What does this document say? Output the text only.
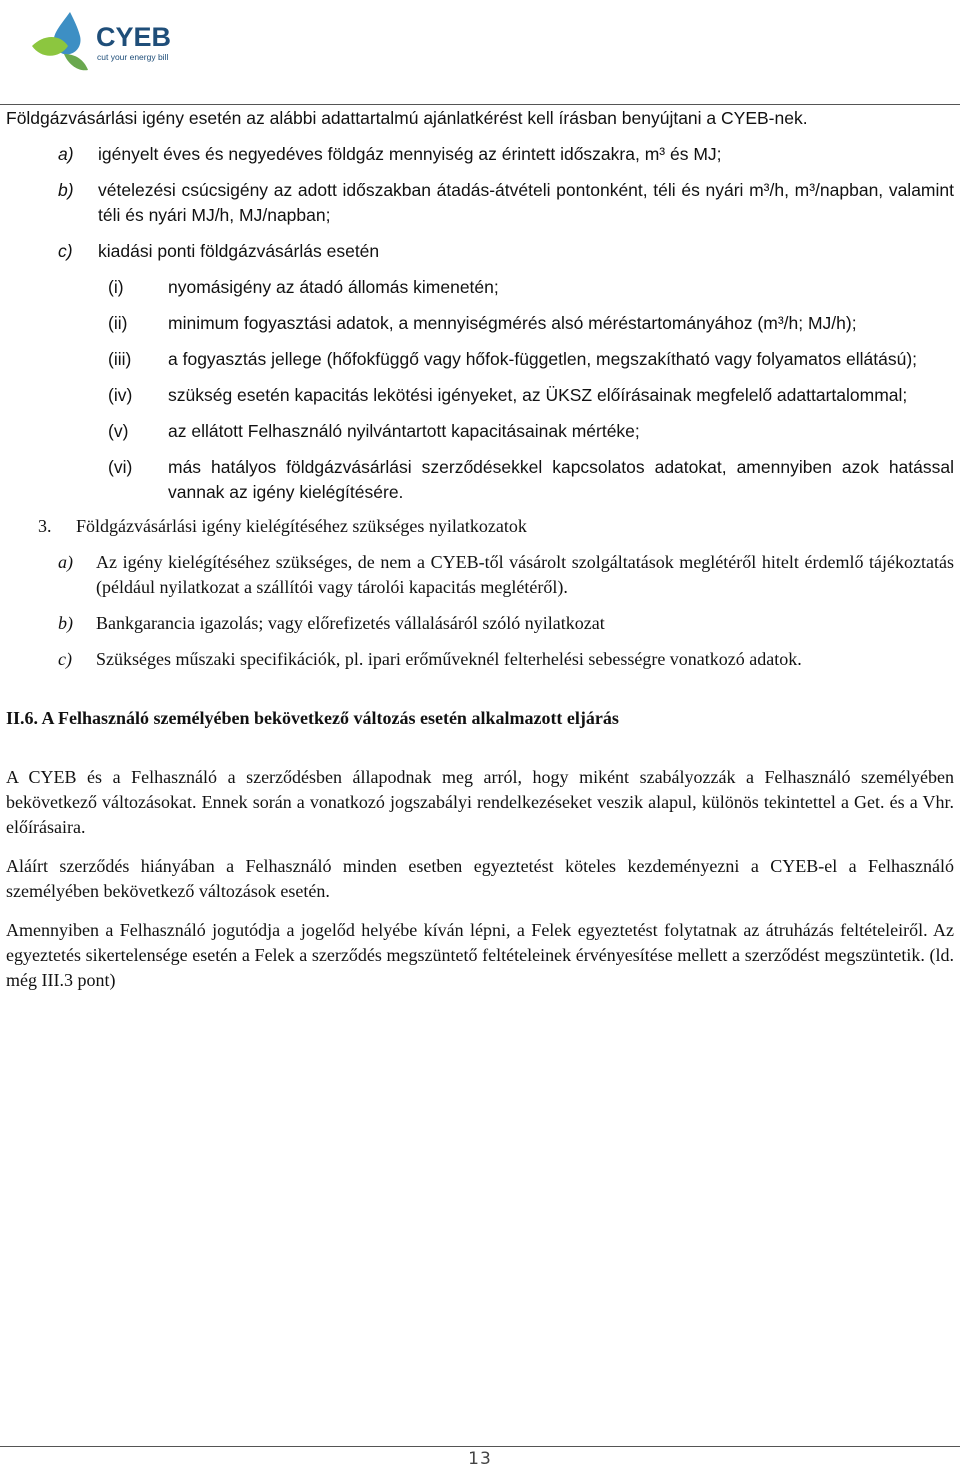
CYEB
cut your energy bill

Földgázvásárlási igény esetén az alábbi adattartalmú ajánlatkérést kell írásban benyújtani a CYEB-nek.

a)	igényelt éves és negyedéves földgáz mennyiség az érintett időszakra, m³ és MJ;
b)	vételezési csúcsigény az adott időszakban átadás-átvételi pontonként, téli és nyári m³/h, m³/napban, valamint téli és nyári MJ/h, MJ/napban;
c)	kiadási ponti földgázvásárlás esetén
(i)	nyomásigény az átadó állomás kimenetén;
(ii)	minimum fogyasztási adatok, a mennyiségmérés alsó méréstartományához (m³/h; MJ/h);
(iii)	a fogyasztás jellege (hőfokfüggő vagy hőfok-független, megszakítható vagy folyamatos ellátású);
(iv)	szükség esetén kapacitás lekötési igényeket, az ÜKSZ előírásainak megfelelő adattartalommal;
(v)	az ellátott Felhasználó nyilvántartott kapacitásainak mértéke;
(vi)	más hatályos földgázvásárlási szerződésekkel kapcsolatos adatokat, amennyiben azok hatással vannak az igény kielégítésére.

3. Földgázvásárlási igény kielégítéséhez szükséges nyilatkozatok

a)	Az igény kielégítéséhez szükséges, de nem a CYEB-től vásárolt szolgáltatások meglétéről hitelt érdemlő tájékoztatás (például nyilatkozat a szállítói vagy tárolói kapacitás meglétéről).
b)	Bankgarancia igazolás; vagy előrefizetés vállalásáról szóló nyilatkozat
c)	Szükséges műszaki specifikációk, pl. ipari erőműveknél felterhelési sebességre vonatkozó adatok.

II.6. A Felhasználó személyében bekövetkező változás esetén alkalmazott eljárás

A CYEB és a Felhasználó a szerződésben állapodnak meg arról, hogy miként szabályozzák a Felhasználó személyében bekövetkező változásokat. Ennek során a vonatkozó jogszabályi rendelkezéseket veszik alapul, különös tekintettel a Get. és a Vhr. előírásaira.

Aláírt szerződés hiányában a Felhasználó minden esetben egyeztetést köteles kezdeményezni a CYEB-el a Felhasználó személyében bekövetkező változások esetén.

Amennyiben a Felhasználó jogutódja a jogelőd helyébe kíván lépni, a Felek egyeztetést folytatnak az átruházás feltételeiről. Az egyeztetés sikertelensége esetén a Felek a szerződés megszüntető feltételeinek érvényesítése mellett a szerződést megszüntetik. (ld. még III.3 pont)

13
